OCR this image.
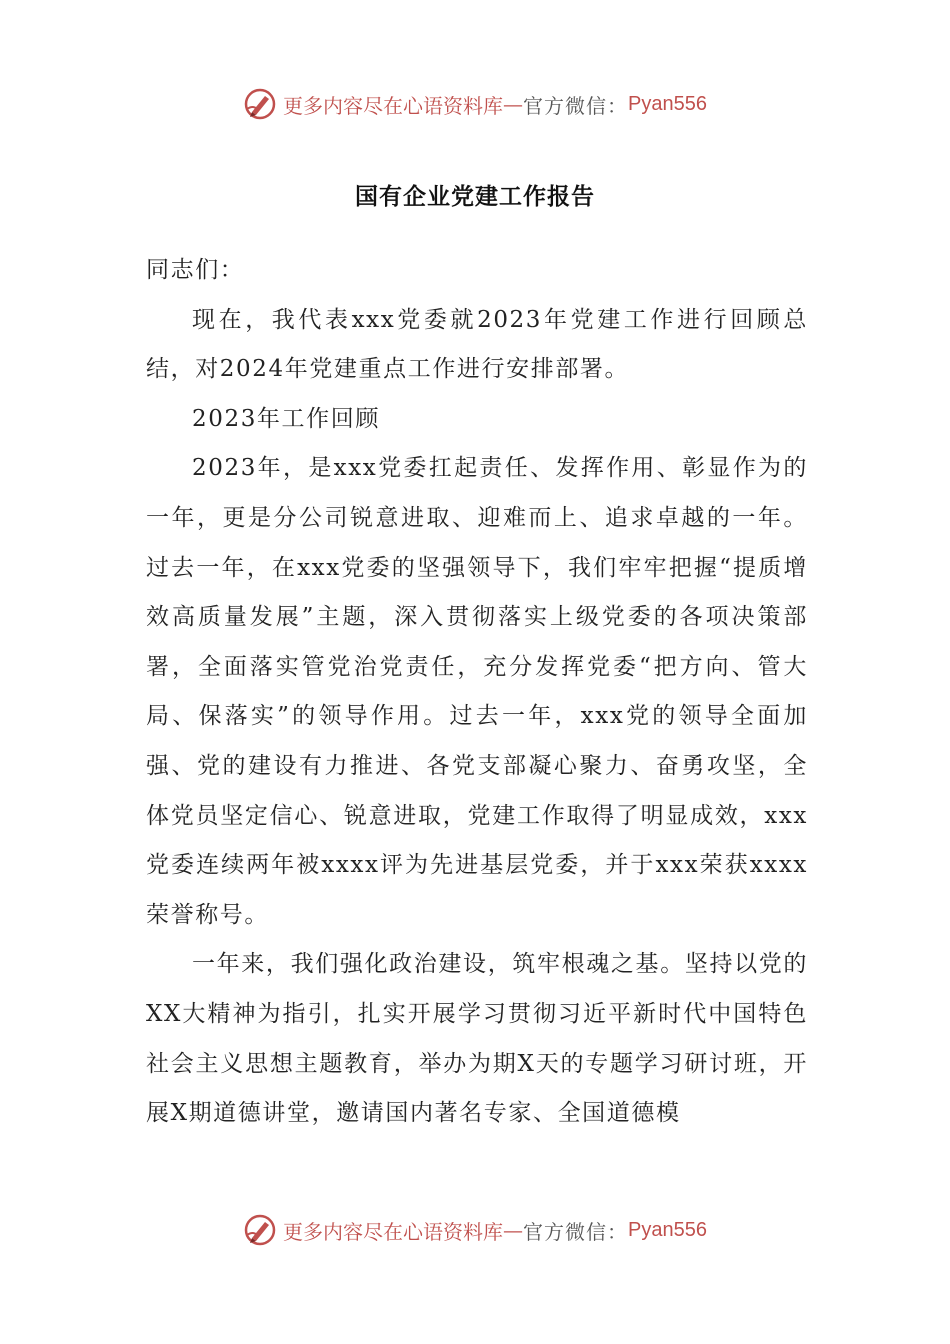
更多内容尽在心语资料库 — 官方微信： Pyan556
国有企业党建工作报告

同志们：

现在，我代表xxx党委就2023年党建工作进行回顾总结，对2024年党建重点工作进行安排部署。

2023年工作回顾

2023年，是xxx党委扛起责任、发挥作用、彰显作为的一年，更是分公司锐意进取、迎难而上、追求卓越的一年。过去一年，在xxx党委的坚强领导下，我们牢牢把握“提质增效高质量发展”主题，深入贯彻落实上级党委的各项决策部署，全面落实管党治党责任，充分发挥党委“把方向、管大局、保落实”的领导作用。过去一年，xxx党的领导全面加强、党的建设有力推进、各党支部凝心聚力、奋勇攻坚，全体党员坚定信心、锐意进取，党建工作取得了明显成效，xxx党委连续两年被xxxx评为先进基层党委，并于xxx荣获xxxx荣誉称号。

一年来，我们强化政治建设，筑牢根魂之基。坚持以党的XX大精神为指引，扎实开展学习贯彻习近平新时代中国特色社会主义思想主题教育，举办为期X天的专题学习研讨班，开展X期道德讲堂，邀请国内著名专家、全国道德模

更多内容尽在心语资料库 — 官方微信： Pyan556
